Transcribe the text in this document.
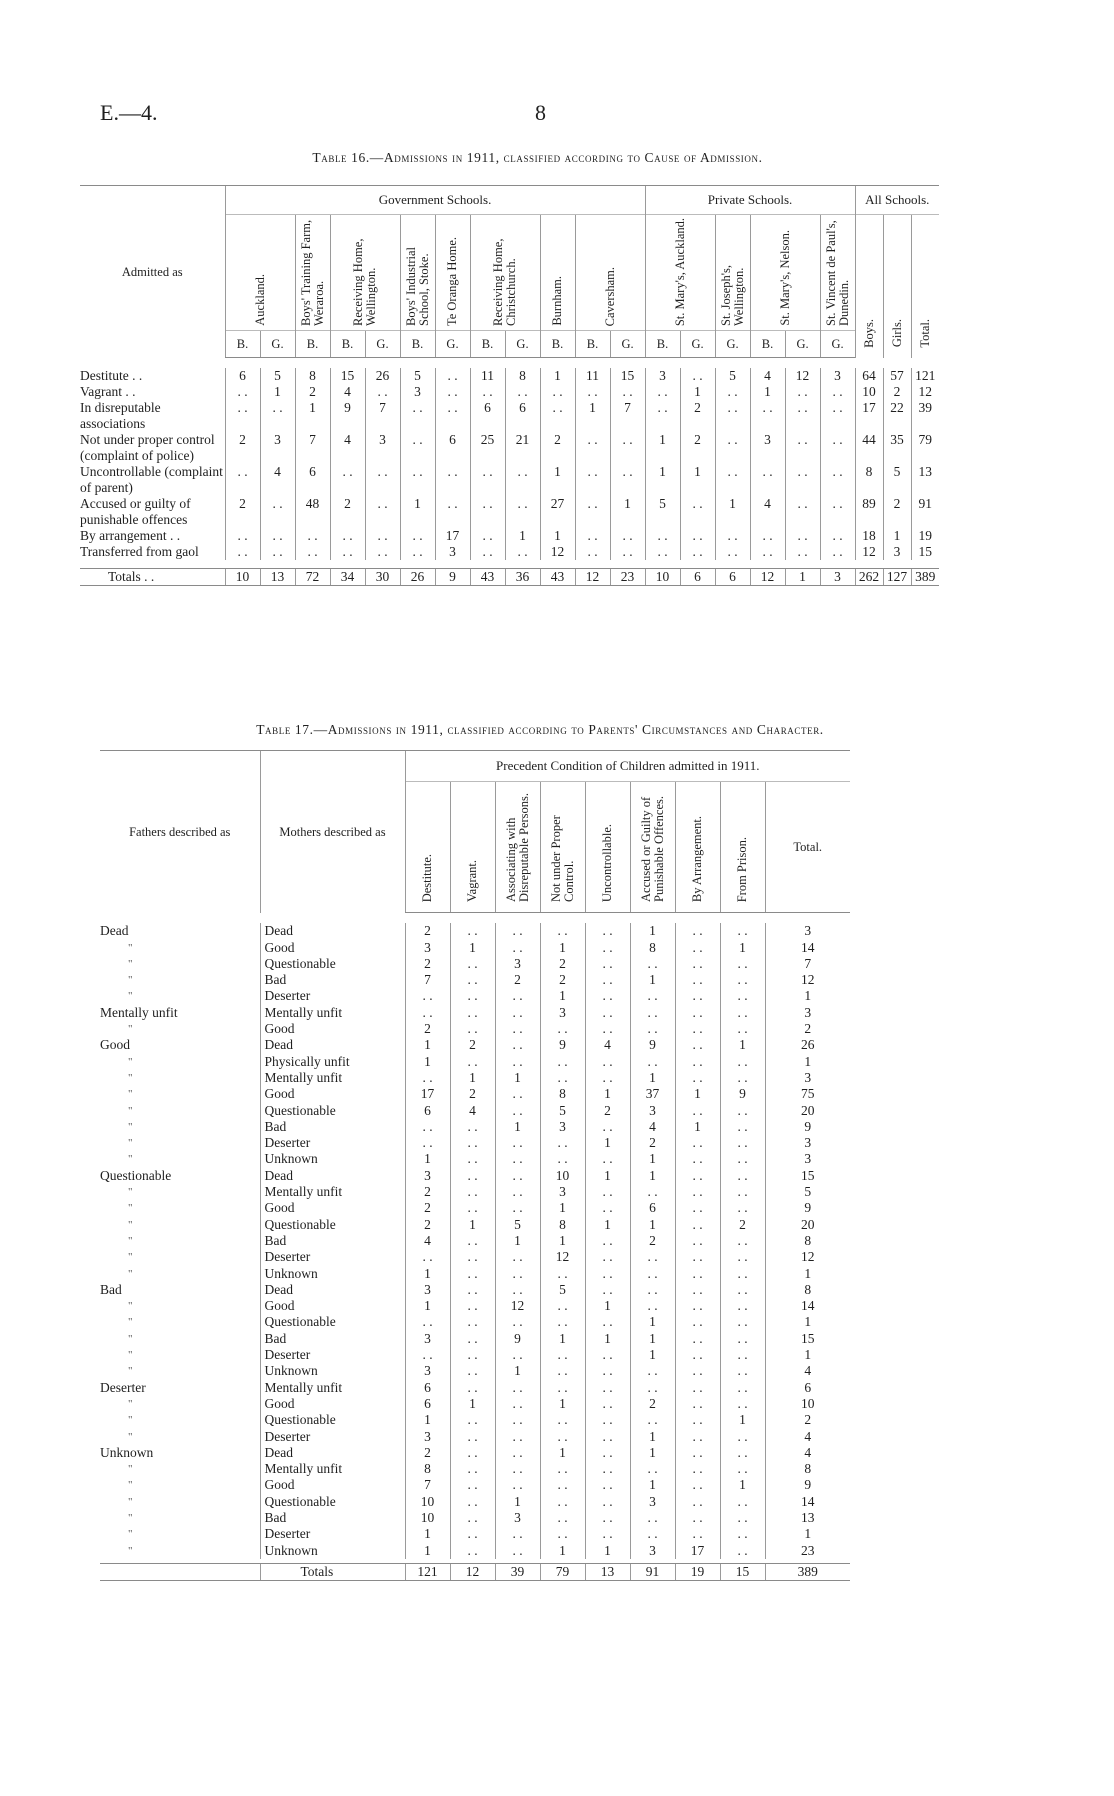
E.—4.	8
Table 16.—Admissions in 1911, classified according to Cause of Admission.
Admitted as	Government Schools.												Private Schools.						All Schools.		
	Auckland.		Boys' Training Farm, Weraroa.	Receiving Home, Wellington.		Boys' Industrial School, Stoke.	Te Oranga Home.	Receiving Home, Christchurch.		Burnham.	Caversham.		St. Mary's, Auckland.		St. Joseph's, Wellington.	St. Mary's, Nelson.		St. Vincent de Paul's, Dunedin.	Boys.	Girls.	Total.
	B.	G.	B.	B.	G.	B.	G.	B.	G.	B.	B.	G.	B.	G.	G.	B.	G.	G.			

Destitute . .	6	5	8	15	26	5	. .	11	8	1	11	15	3	. .	5	4	12	3	64	57	121
Vagrant . .	. .	1	2	4	. .	3	. .	. .	. .	. .	. .	. .	. .	1	. .	1	. .	. .	10	2	12
In disreputable associations	. .	. .	1	9	7	. .	. .	6	6	. .	1	7	. .	2	. .	. .	. .	. .	17	22	39
Not under proper control (complaint of police)	2	3	7	4	3	. .	6	25	21	2	. .	. .	1	2	. .	3	. .	. .	44	35	79
Uncontrollable (complaint of parent)	. .	4	6	. .	. .	. .	. .	. .	. .	1	. .	. .	1	1	. .	. .	. .	. .	8	5	13
Accused or guilty of punishable offences	2	. .	48	2	. .	1	. .	. .	. .	27	. .	1	5	. .	1	4	. .	. .	89	2	91
By arrangement . .	. .	. .	. .	. .	. .	. .	17	. .	1	1	. .	. .	. .	. .	. .	. .	. .	. .	18	1	19
Transferred from gaol	. .	. .	. .	. .	. .	. .	3	. .	. .	12	. .	. .	. .	. .	. .	. .	. .	. .	12	3	15

Totals . .	10	13	72	34	30	26	9	43	36	43	12	23	10	6	6	12	1	3	262	127	389
Table 17.—Admissions in 1911, classified according to Parents' Circumstances and Character.
Fathers described as	Mothers described as	Precedent Condition of Children admitted in 1911.								
		Destitute.	Vagrant.	Associating with Disreputable Persons.	Not under Proper Control.	Uncontrollable.	Accused or Guilty of Punishable Offences.	By Arrangement.	From Prison.	Total.

Dead	Dead	2	. .	. .	. .	. .	1	. .	. .	3
"	Good	3	1	. .	1	. .	8	. .	1	14
"	Questionable	2	. .	3	2	. .	. .	. .	. .	7
"	Bad	7	. .	2	2	. .	1	. .	. .	12
"	Deserter	. .	. .	. .	1	. .	. .	. .	. .	1
Mentally unfit	Mentally unfit	. .	. .	. .	3	. .	. .	. .	. .	3
"	Good	2	. .	. .	. .	. .	. .	. .	. .	2
Good	Dead	1	2	. .	9	4	9	. .	1	26
"	Physically unfit	1	. .	. .	. .	. .	. .	. .	. .	1
"	Mentally unfit	. .	1	1	. .	. .	1	. .	. .	3
"	Good	17	2	. .	8	1	37	1	9	75
"	Questionable	6	4	. .	5	2	3	. .	. .	20
"	Bad	. .	. .	1	3	. .	4	1	. .	9
"	Deserter	. .	. .	. .	. .	1	2	. .	. .	3
"	Unknown	1	. .	. .	. .	. .	1	. .	. .	3
Questionable	Dead	3	. .	. .	10	1	1	. .	. .	15
"	Mentally unfit	2	. .	. .	3	. .	. .	. .	. .	5
"	Good	2	. .	. .	1	. .	6	. .	. .	9
"	Questionable	2	1	5	8	1	1	. .	2	20
"	Bad	4	. .	1	1	. .	2	. .	. .	8
"	Deserter	. .	. .	. .	12	. .	. .	. .	. .	12
"	Unknown	1	. .	. .	. .	. .	. .	. .	. .	1
Bad	Dead	3	. .	. .	5	. .	. .	. .	. .	8
"	Good	1	. .	12	. .	1	. .	. .	. .	14
"	Questionable	. .	. .	. .	. .	. .	1	. .	. .	1
"	Bad	3	. .	9	1	1	1	. .	. .	15
"	Deserter	. .	. .	. .	. .	. .	1	. .	. .	1
"	Unknown	3	. .	1	. .	. .	. .	. .	. .	4
Deserter	Mentally unfit	6	. .	. .	. .	. .	. .	. .	. .	6
"	Good	6	1	. .	1	. .	2	. .	. .	10
"	Questionable	1	. .	. .	. .	. .	. .	. .	1	2
"	Deserter	3	. .	. .	. .	. .	1	. .	. .	4
Unknown	Dead	2	. .	. .	1	. .	1	. .	. .	4
"	Mentally unfit	8	. .	. .	. .	. .	. .	. .	. .	8
"	Good	7	. .	. .	. .	. .	1	. .	1	9
"	Questionable	10	. .	1	. .	. .	3	. .	. .	14
"	Bad	10	. .	3	. .	. .	. .	. .	. .	13
"	Deserter	1	. .	. .	. .	. .	. .	. .	. .	1
"	Unknown	1	. .	. .	1	1	3	17	. .	23

	Totals	121	12	39	79	13	91	19	15	389
